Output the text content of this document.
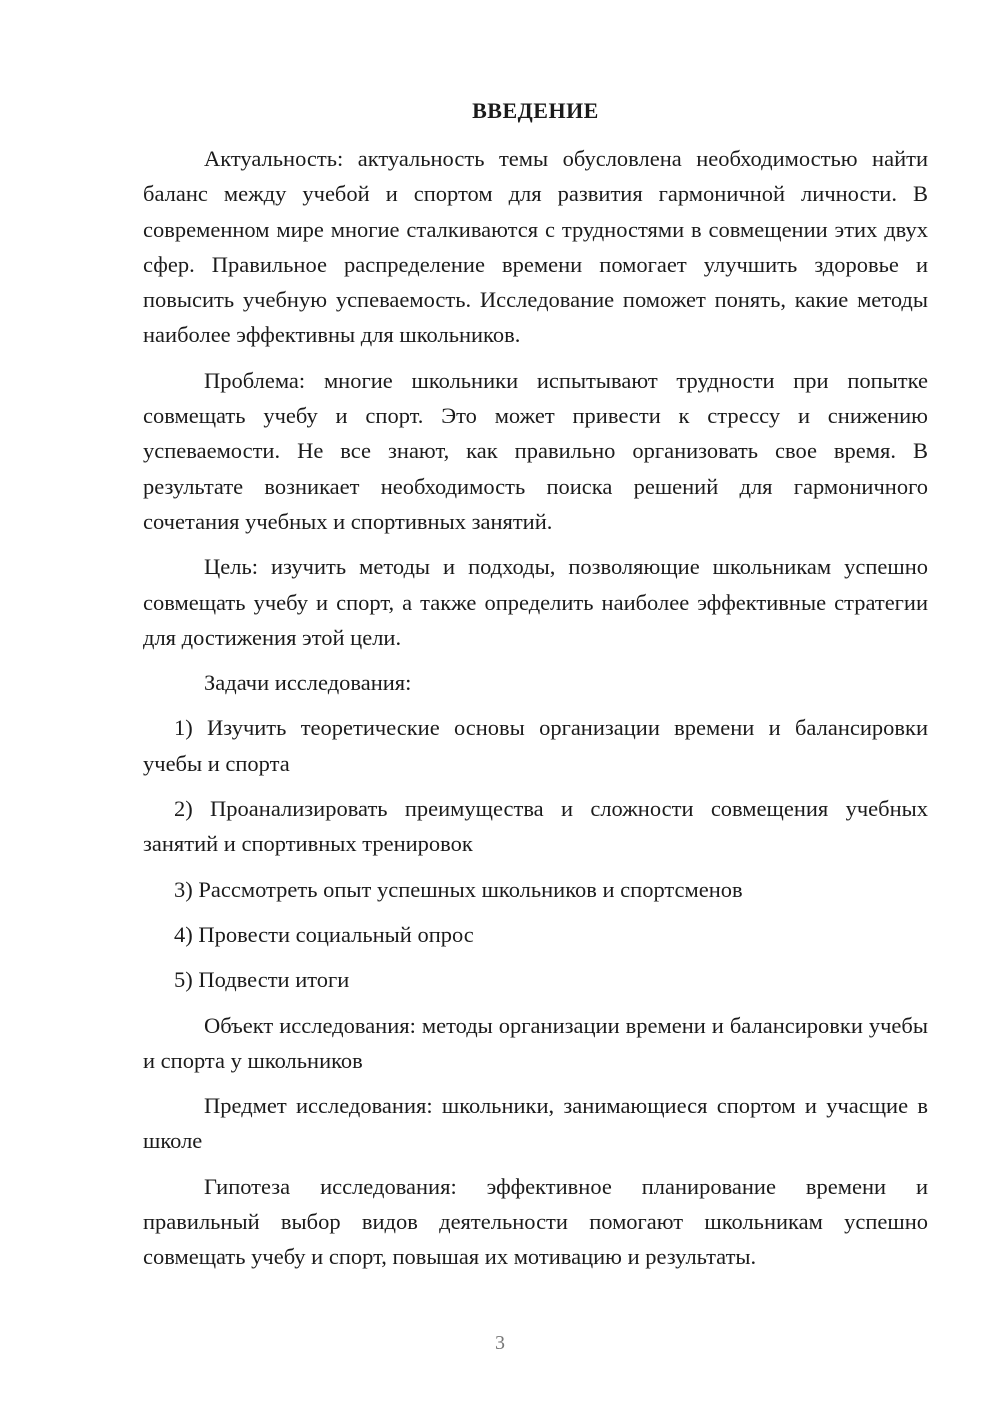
ВВЕДЕНИЕ

Актуальность: актуальность темы обусловлена необходимостью найти баланс между учебой и спортом для развития гармоничной личности. В современном мире многие сталкиваются с трудностями в совмещении этих двух сфер. Правильное распределение времени помогает улучшить здоровье и повысить учебную успеваемость. Исследование поможет понять, какие методы наиболее эффективны для школьников.

Проблема: многие школьники испытывают трудности при попытке совмещать учебу и спорт. Это может привести к стрессу и снижению успеваемости. Не все знают, как правильно организовать свое время. В результате возникает необходимость поиска решений для гармоничного сочетания учебных и спортивных занятий.

Цель: изучить методы и подходы, позволяющие школьникам успешно совмещать учебу и спорт, а также определить наиболее эффективные стратегии для достижения этой цели.

Задачи исследования:

1) Изучить теоретические основы организации времени и балансировки учебы и спорта

2) Проанализировать преимущества и сложности совмещения учебных занятий и спортивных тренировок

3) Рассмотреть опыт успешных школьников и спортсменов

4) Провести социальный опрос

5) Подвести итоги

Объект исследования: методы организации времени и балансировки учебы и спорта у школьников

Предмет исследования: школьники, занимающиеся спортом и учасщие в школе

Гипотеза исследования: эффективное планирование времени и правильный выбор видов деятельности помогают школьникам успешно совмещать учебу и спорт, повышая их мотивацию и результаты.

3
